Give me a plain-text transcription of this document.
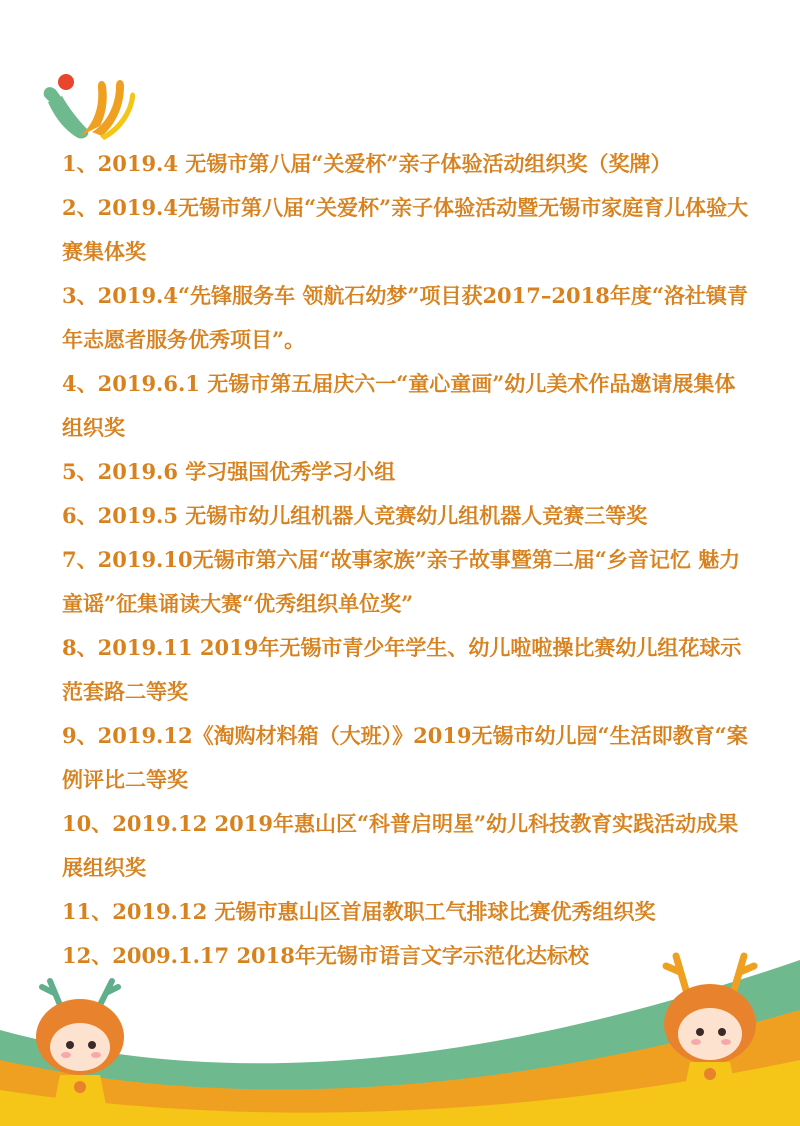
1、2019.4 无锡市第八届“关爱杯”亲子体验活动组织奖（奖牌）
2、2019.4无锡市第八届“关爱杯”亲子体验活动暨无锡市家庭育儿体验大赛集体奖
3、2019.4“先锋服务车 领航石幼梦”项目获2017–2018年度“洛社镇青年志愿者服务优秀项目”。
4、2019.6.1 无锡市第五届庆六一“童心童画”幼儿美术作品邀请展集体组织奖
5、2019.6 学习强国优秀学习小组
6、2019.5 无锡市幼儿组机器人竞赛幼儿组机器人竞赛三等奖
7、2019.10无锡市第六届“故事家族”亲子故事暨第二届“乡音记忆 魅力童谣”征集诵读大赛“优秀组织单位奖”
8、2019.11 2019年无锡市青少年学生、幼儿啦啦操比赛幼儿组花球示范套路二等奖
9、2019.12《淘购材料箱（大班）》2019无锡市幼儿园“生活即教育“案例评比二等奖
10、2019.12 2019年惠山区“科普启明星”幼儿科技教育实践活动成果展组织奖
11、2019.12 无锡市惠山区首届教职工气排球比赛优秀组织奖
12、2009.1.17 2018年无锡市语言文字示范化达标校
